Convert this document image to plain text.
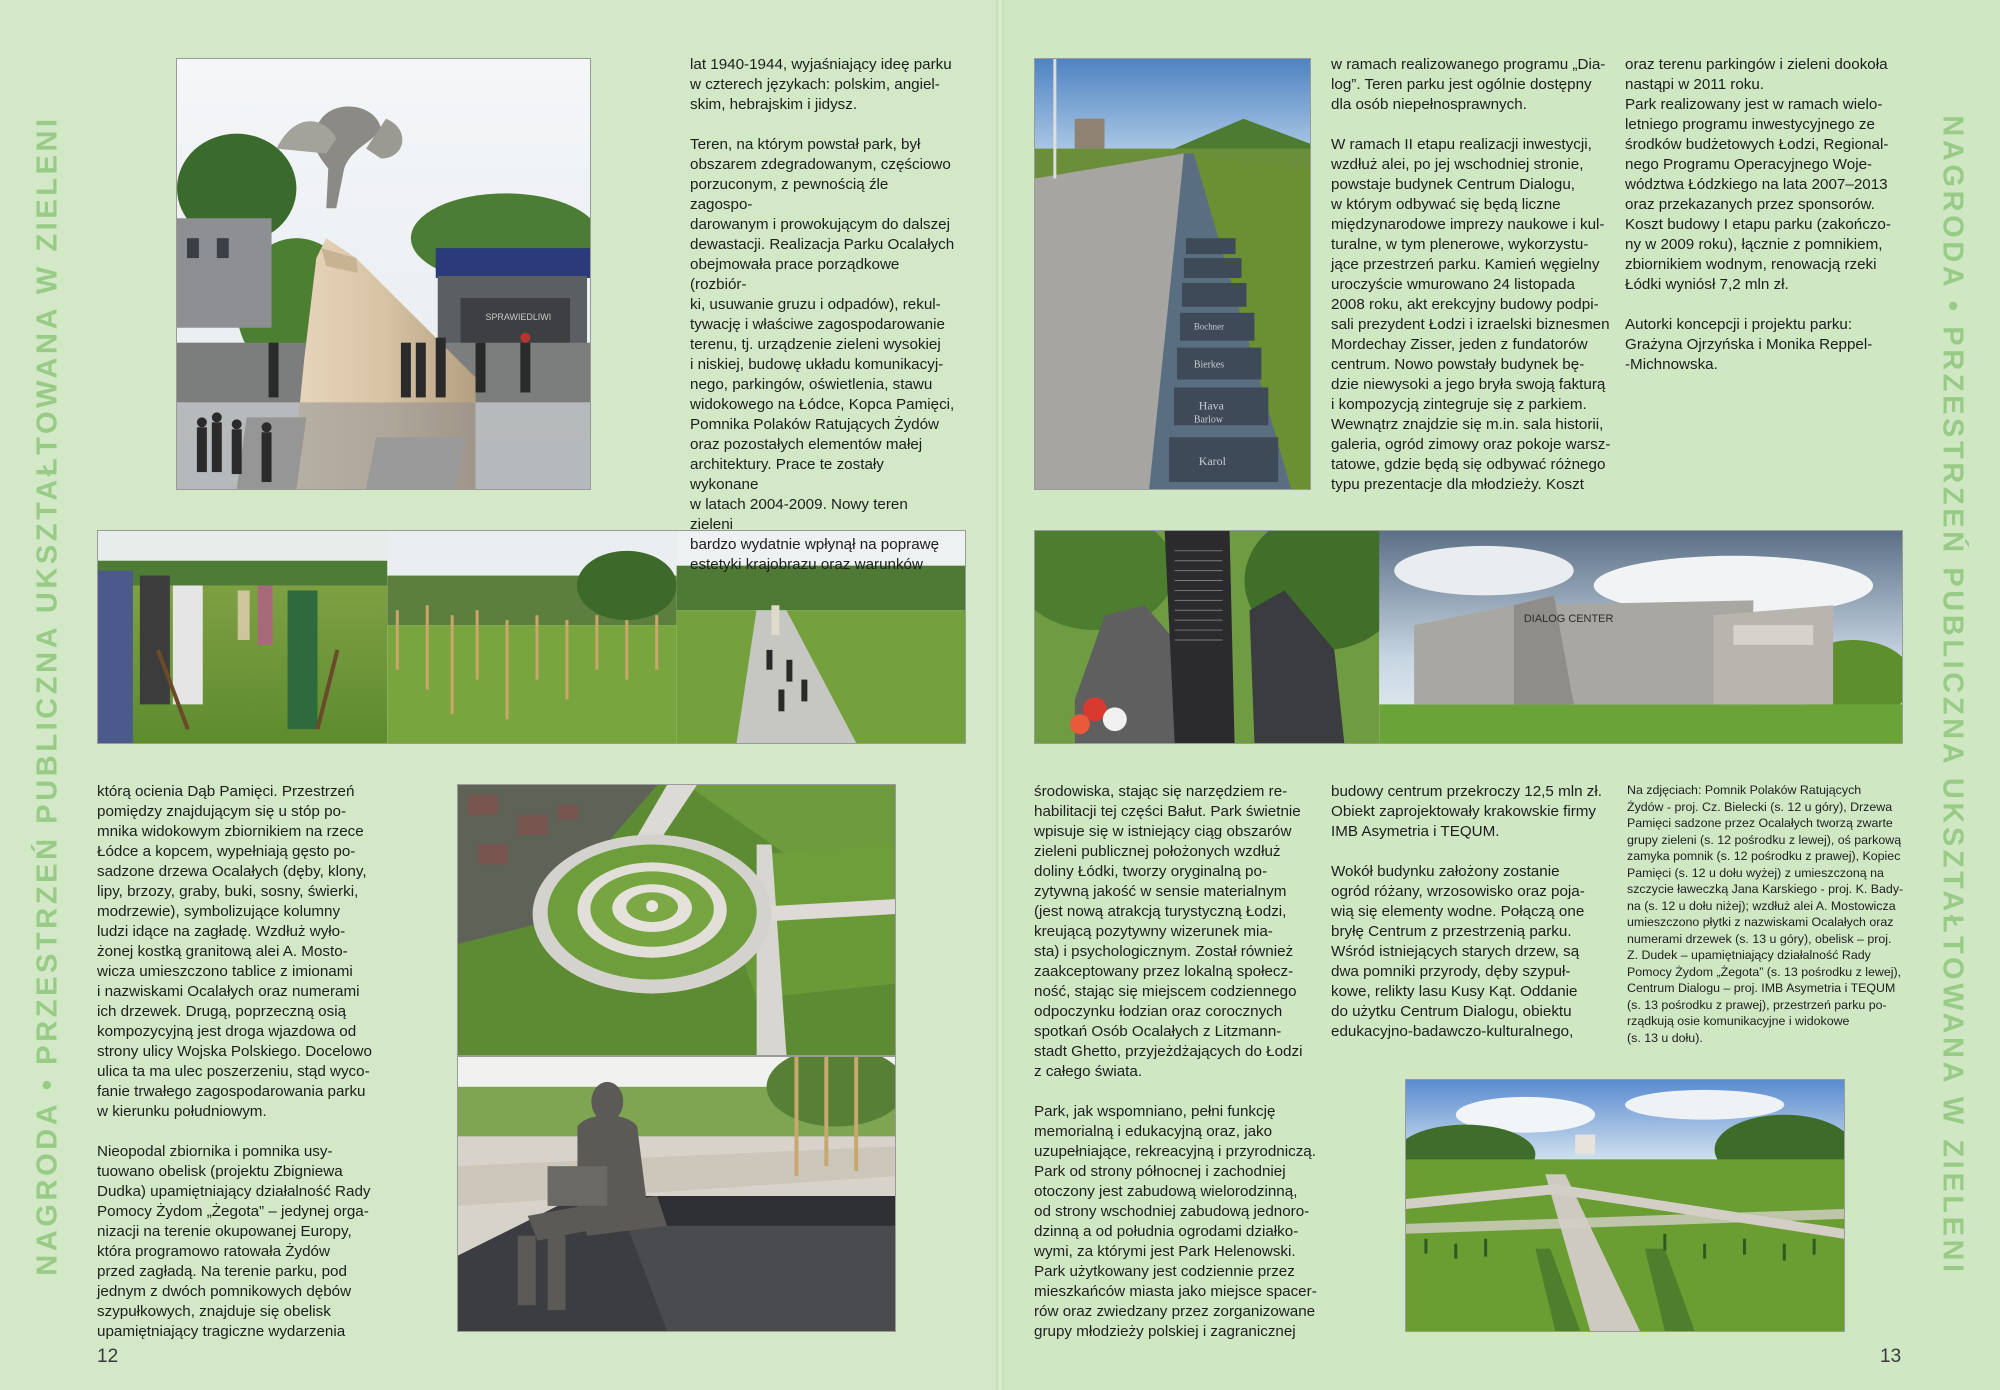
NAGRODA • PRZESTRZEŃ PUBLICZNA UKSZTAŁTOWANA W ZIELENI	NAGRODA • PRZESTRZEŃ PUBLICZNA UKSZTAŁTOWANA W ZIELENI
SPRAWIEDLIWI
lat 1940-1944, wyjaśniający ideę parku
w czterech językach: polskim, angiel-
skim, hebrajskim i jidysz.

Teren, na którym powstał park, był
obszarem zdegradowanym, częściowo
porzuconym, z pewnością źle zagospo-
darowanym i prowokującym do dalszej
dewastacji. Realizacja Parku Ocalałych
obejmowała prace porządkowe (rozbiór-
ki, usuwanie gruzu i odpadów), rekul-
tywację i właściwe zagospodarowanie
terenu, tj. urządzenie zieleni wysokiej
i niskiej, budowę układu komunikacyj-
nego, parkingów, oświetlenia, stawu
widokowego na Łódce, Kopca Pamięci,
Pomnika Polaków Ratujących Żydów
oraz pozostałych elementów małej
architektury. Prace te zostały wykonane
w latach 2004-2009. Nowy teren zieleni
bardzo wydatnie wpłynął na poprawę
estetyki krajobrazu oraz warunków
którą ocienia Dąb Pamięci. Przestrzeń
pomiędzy znajdującym się u stóp po-
mnika widokowym zbiornikiem na rzece
Łódce a kopcem, wypełniają gęsto po-
sadzone drzewa Ocalałych (dęby, klony,
lipy, brzozy, graby, buki, sosny, świerki,
modrzewie), symbolizujące kolumny
ludzi idące na zagładę. Wzdłuż wyło-
żonej kostką granitową alei A. Mosto-
wicza umieszczono tablice z imionami
i nazwiskami Ocalałych oraz numerami
ich drzewek. Drugą, poprzeczną osią
kompozycyjną jest droga wjazdowa od
strony ulicy Wojska Polskiego. Docelowo
ulica ta ma ulec poszerzeniu, stąd wyco-
fanie trwałego zagospodarowania parku
w kierunku południowym.

Nieopodal zbiornika i pomnika usy-
tuowano obelisk (projektu Zbigniewa
Dudka) upamiętniający działalność Rady
Pomocy Żydom „Żegota” – jedynej orga-
nizacji na terenie okupowanej Europy,
która programowo ratowała Żydów
przed zagładą. Na terenie parku, pod
jednym z dwóch pomnikowych dębów
szypułkowych, znajduje się obelisk
upamiętniający tragiczne wydarzenia
12
Karol
Hava
Barlow
Bierkes
Bochner
DIALOG CENTER
w ramach realizowanego programu „Dia-
log”. Teren parku jest ogólnie dostępny
dla osób niepełnosprawnych.

W ramach II etapu realizacji inwestycji,
wzdłuż alei, po jej wschodniej stronie,
powstaje budynek Centrum Dialogu,
w którym odbywać się będą liczne
międzynarodowe imprezy naukowe i kul-
turalne, w tym plenerowe, wykorzystu-
jące przestrzeń parku. Kamień węgielny
uroczyście wmurowano 24 listopada
2008 roku, akt erekcyjny budowy podpi-
sali prezydent Łodzi i izraelski biznesmen
Mordechay Zisser, jeden z fundatorów
centrum. Nowo powstały budynek bę-
dzie niewysoki a jego bryła swoją fakturą
i kompozycją zintegruje się z parkiem.
Wewnątrz znajdzie się m.in. sala historii,
galeria, ogród zimowy oraz pokoje warsz-
tatowe, gdzie będą się odbywać różnego
typu prezentacje dla młodzieży. Koszt
oraz terenu parkingów i zieleni dookoła
nastąpi w 2011 roku.
Park realizowany jest w ramach wielo-
letniego programu inwestycyjnego ze
środków budżetowych Łodzi, Regional-
nego Programu Operacyjnego Woje-
wództwa Łódzkiego na lata 2007–2013
oraz przekazanych przez sponsorów.
Koszt budowy I etapu parku (zakończo-
ny w 2009 roku), łącznie z pomnikiem,
zbiornikiem wodnym, renowacją rzeki
Łódki wyniósł 7,2 mln zł.

Autorki koncepcji i projektu parku:
Grażyna Ojrzyńska i Monika Reppel-
-Michnowska.
środowiska, stając się narzędziem re-
habilitacji tej części Bałut. Park świetnie
wpisuje się w istniejący ciąg obszarów
zieleni publicznej położonych wzdłuż
doliny Łódki, tworzy oryginalną po-
zytywną jakość w sensie materialnym
(jest nową atrakcją turystyczną Łodzi,
kreującą pozytywny wizerunek mia-
sta) i psychologicznym. Został również
zaakceptowany przez lokalną społecz-
ność, stając się miejscem codziennego
odpoczynku łodzian oraz corocznych
spotkań Osób Ocalałych z Litzmann-
stadt Ghetto, przyjeżdżających do Łodzi
z całego świata.

Park, jak wspomniano, pełni funkcję
memorialną i edukacyjną oraz, jako
uzupełniające, rekreacyjną i przyrodniczą.
Park od strony północnej i zachodniej
otoczony jest zabudową wielorodzinną,
od strony wschodniej zabudową jednoro-
dzinną a od południa ogrodami działko-
wymi, za którymi jest Park Helenowski.
Park użytkowany jest codziennie przez
mieszkańców miasta jako miejsce spacer-
rów oraz zwiedzany przez zorganizowane
grupy młodzieży polskiej i zagranicznej
budowy centrum przekroczy 12,5 mln zł.
Obiekt zaprojektowały krakowskie firmy
IMB Asymetria i TEQUM.

Wokół budynku założony zostanie
ogród różany, wrzosowisko oraz poja-
wią się elementy wodne. Połączą one
bryłę Centrum z przestrzenią parku.
Wśród istniejących starych drzew, są
dwa pomniki przyrody, dęby szypuł-
kowe, relikty lasu Kusy Kąt. Oddanie
do użytku Centrum Dialogu, obiektu
edukacyjno-badawczo-kulturalnego,
Na zdjęciach: Pomnik Polaków Ratujących
Żydów - proj. Cz. Bielecki (s. 12 u góry), Drzewa
Pamięci sadzone przez Ocalałych tworzą zwarte
grupy zieleni (s. 12 pośrodku z lewej), oś parkową
zamyka pomnik (s. 12 pośrodku z prawej), Kopiec
Pamięci (s. 12 u dołu wyżej) z umieszczoną na
szczycie ławeczką Jana Karskiego - proj. K. Bady-
na (s. 12 u dołu niżej); wzdłuż alei A. Mostowicza
umieszczono płytki z nazwiskami Ocalałych oraz
numerami drzewek (s. 13 u góry), obelisk – proj.
Z. Dudek – upamiętniający działalność Rady
Pomocy Żydom „Żegota” (s. 13 pośrodku z lewej),
Centrum Dialogu – proj. IMB Asymetria i TEQUM
(s. 13 pośrodku z prawej), przestrzeń parku po-
rządkują osie komunikacyjne i widokowe
(s. 13 u dołu).
13
